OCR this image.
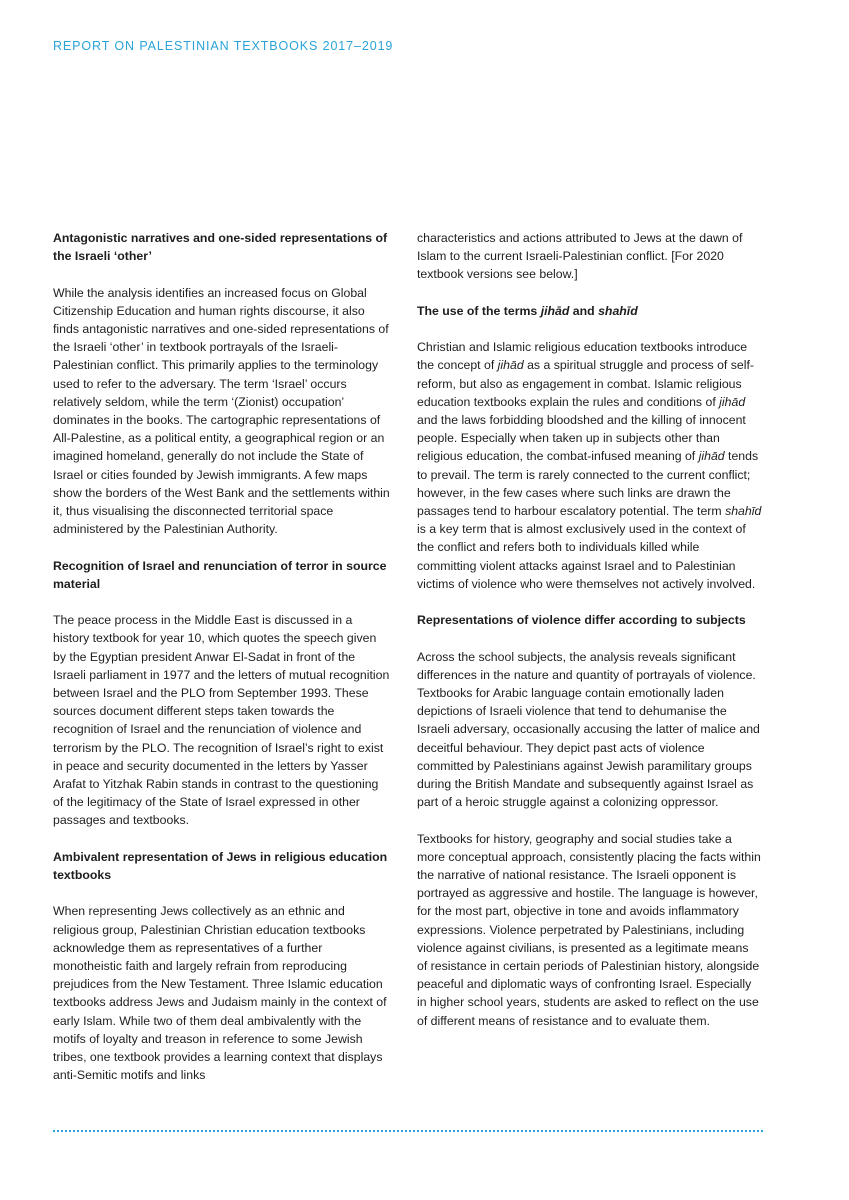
REPORT ON PALESTINIAN TEXTBOOKS 2017–2019
Antagonistic narratives and one-sided representations of the Israeli ‘other’

While the analysis identifies an increased focus on Global Citizenship Education and human rights discourse, it also finds antagonistic narratives and one-sided representations of the Israeli ‘other’ in textbook portrayals of the Israeli-Palestinian conflict. This primarily applies to the terminology used to refer to the adversary. The term ‘Israel’ occurs relatively seldom, while the term ‘(Zionist) occupation’ dominates in the books. The cartographic representations of All-Palestine, as a political entity, a geographical region or an imagined homeland, generally do not include the State of Israel or cities founded by Jewish immigrants. A few maps show the borders of the West Bank and the settlements within it, thus visualising the disconnected territorial space administered by the Palestinian Authority.

Recognition of Israel and renunciation of terror in source material

The peace process in the Middle East is discussed in a history textbook for year 10, which quotes the speech given by the Egyptian president Anwar El-Sadat in front of the Israeli parliament in 1977 and the letters of mutual recognition between Israel and the PLO from September 1993. These sources document different steps taken towards the recognition of Israel and the renunciation of violence and terrorism by the PLO. The recognition of Israel’s right to exist in peace and security documented in the letters by Yasser Arafat to Yitzhak Rabin stands in contrast to the questioning of the legitimacy of the State of Israel expressed in other passages and textbooks.

Ambivalent representation of Jews in religious education textbooks

When representing Jews collectively as an ethnic and religious group, Palestinian Christian education textbooks acknowledge them as representatives of a further monotheistic faith and largely refrain from reproducing prejudices from the New Testament. Three Islamic education textbooks address Jews and Judaism mainly in the context of early Islam. While two of them deal ambivalently with the motifs of loyalty and treason in reference to some Jewish tribes, one textbook provides a learning context that displays anti-Semitic motifs and links

characteristics and actions attributed to Jews at the dawn of Islam to the current Israeli-Palestinian conflict. [For 2020 textbook versions see below.]

The use of the terms jihād and shahīd

Christian and Islamic religious education textbooks introduce the concept of jihād as a spiritual struggle and process of self-reform, but also as engagement in combat. Islamic religious education textbooks explain the rules and conditions of jihād and the laws forbidding bloodshed and the killing of innocent people. Especially when taken up in subjects other than religious education, the combat-infused meaning of jihād tends to prevail. The term is rarely connected to the current conflict; however, in the few cases where such links are drawn the passages tend to harbour escalatory potential. The term shahīd is a key term that is almost exclusively used in the context of the conflict and refers both to individuals killed while committing violent attacks against Israel and to Palestinian victims of violence who were themselves not actively involved.

Representations of violence differ according to subjects

Across the school subjects, the analysis reveals significant differences in the nature and quantity of portrayals of violence. Textbooks for Arabic language contain emotionally laden depictions of Israeli violence that tend to dehumanise the Israeli adversary, occasionally accusing the latter of malice and deceitful behaviour. They depict past acts of violence committed by Palestinians against Jewish paramilitary groups during the British Mandate and subsequently against Israel as part of a heroic struggle against a colonizing oppressor.

Textbooks for history, geography and social studies take a more conceptual approach, consistently placing the facts within the narrative of national resistance. The Israeli opponent is portrayed as aggressive and hostile. The language is however, for the most part, objective in tone and avoids inflammatory expressions. Violence perpetrated by Palestinians, including violence against civilians, is presented as a legitimate means of resistance in certain periods of Palestinian history, alongside peaceful and diplomatic ways of confronting Israel. Especially in higher school years, students are asked to reflect on the use of different means of resistance and to evaluate them.
